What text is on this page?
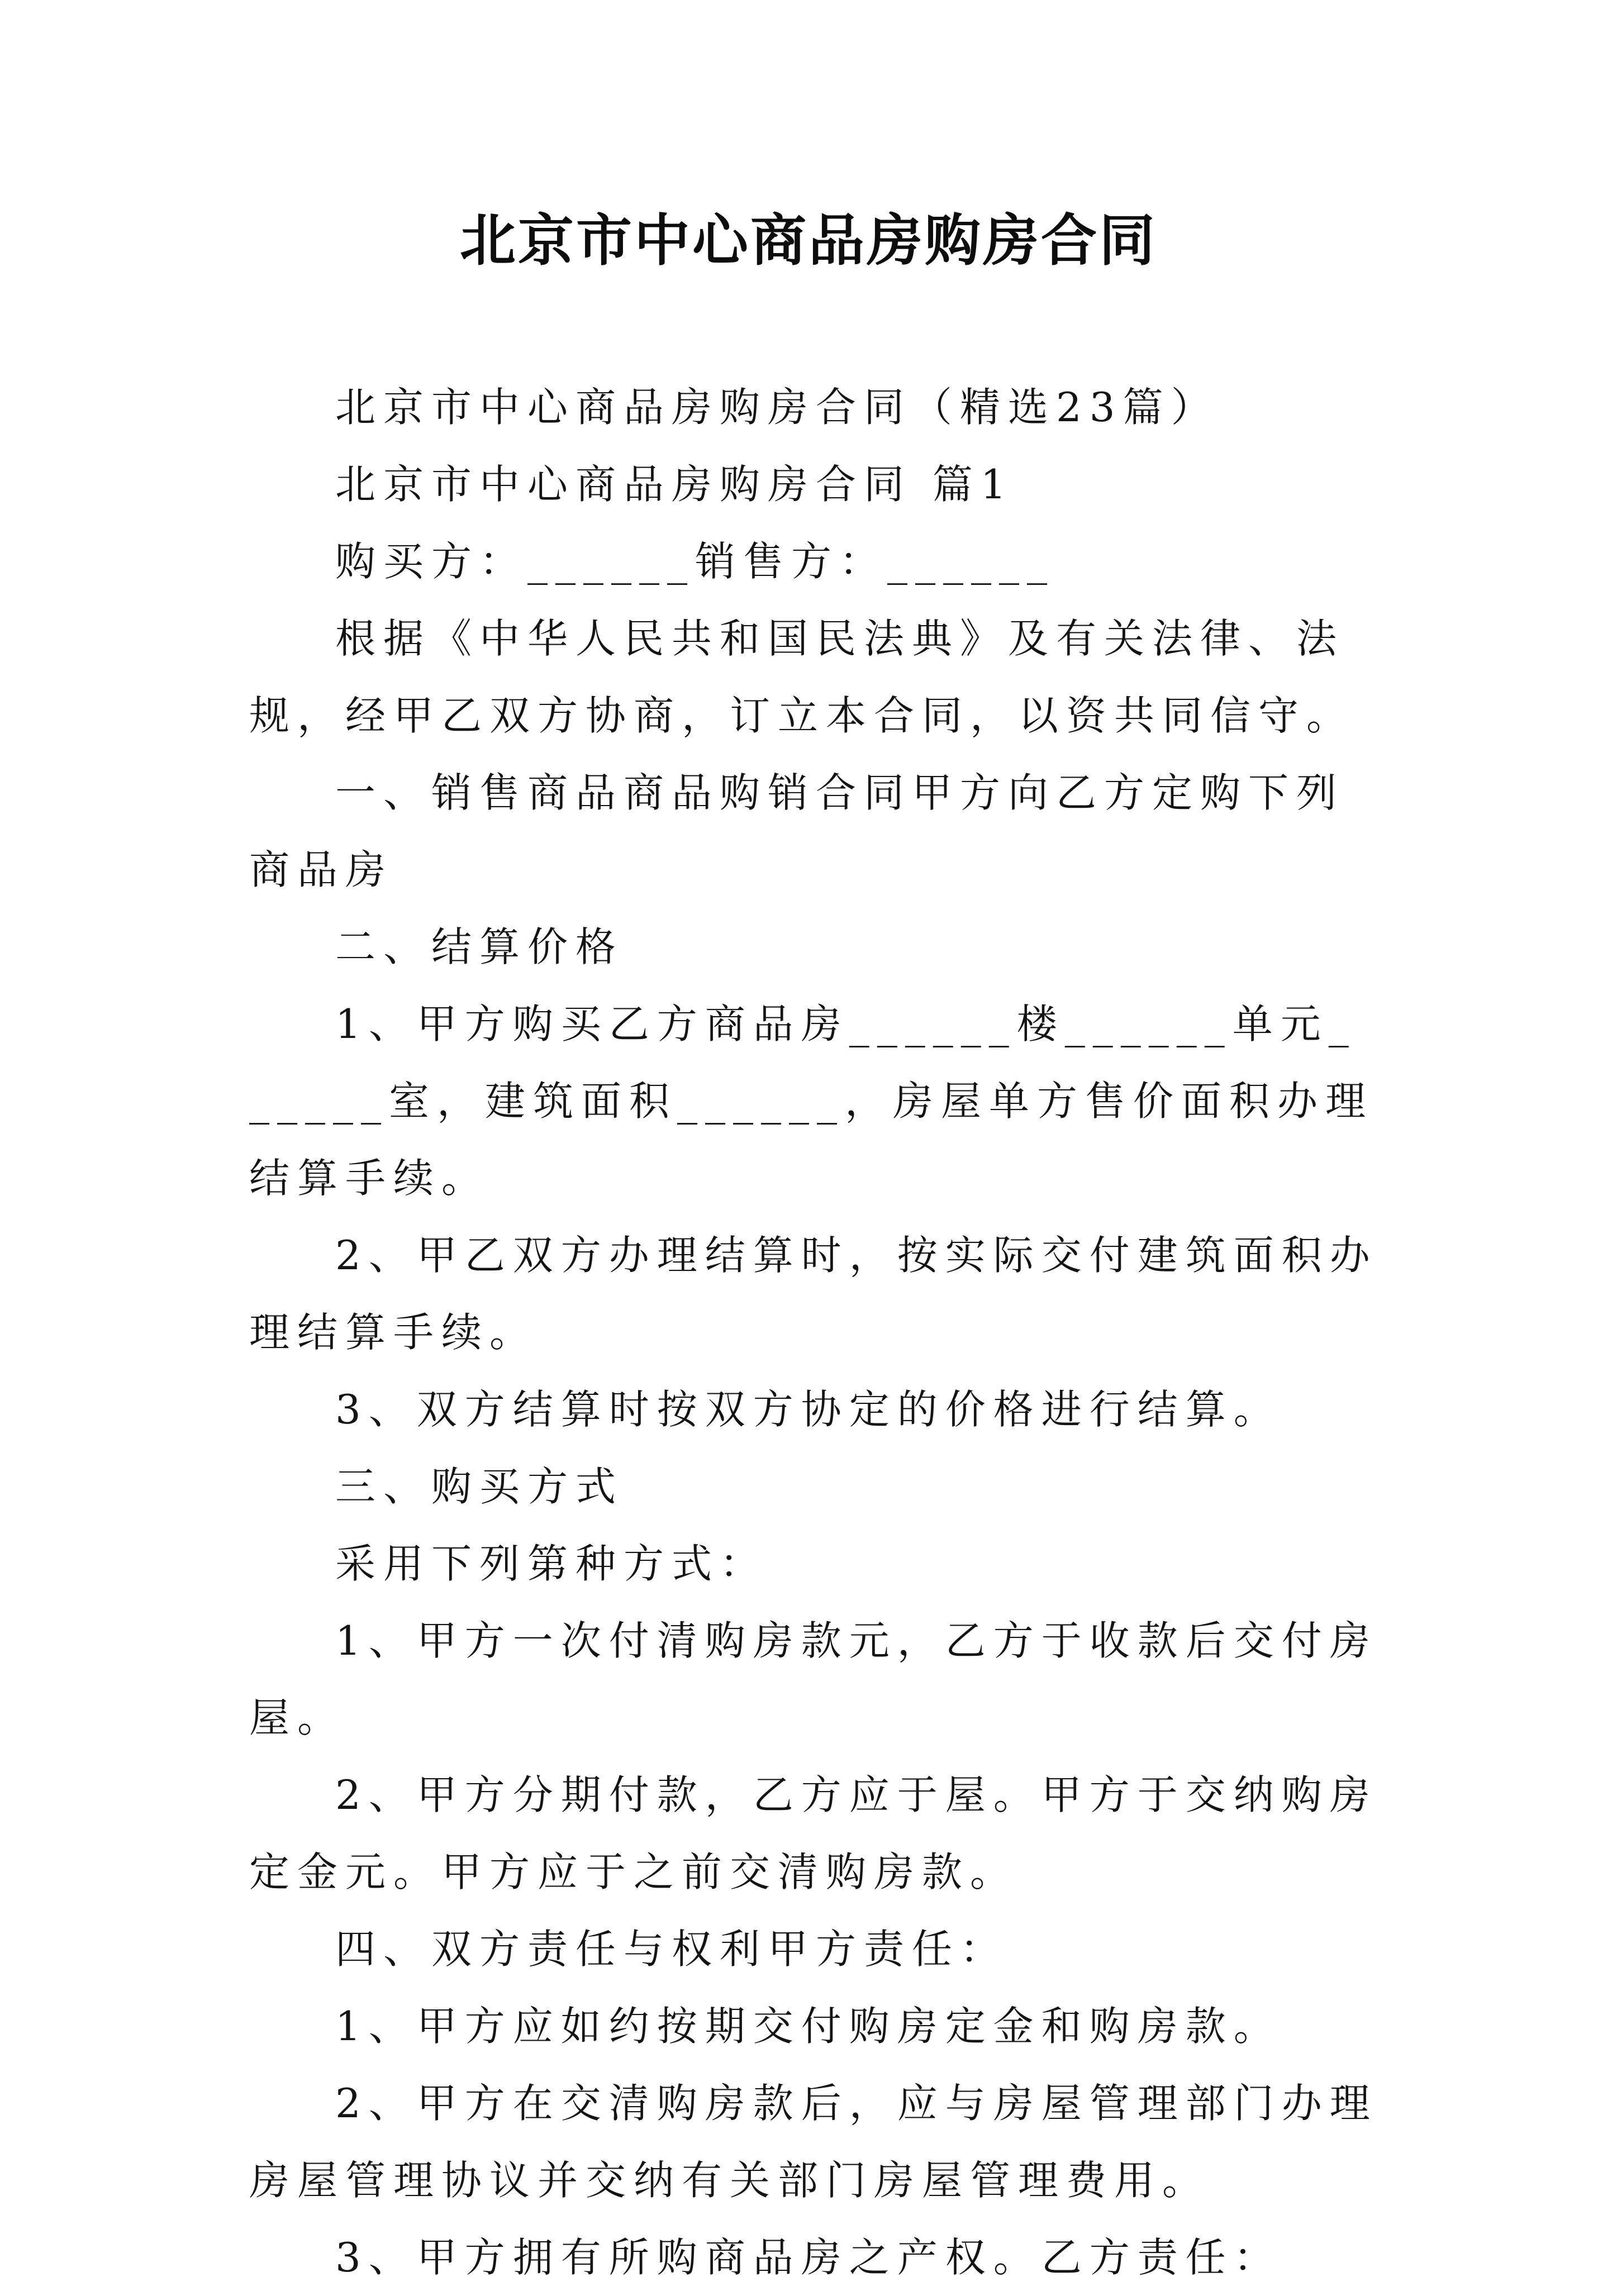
北京市中心商品房购房合同

北京市中心商品房购房合同（精选23篇）

北京市中心商品房购房合同 篇1

购买方：______销售方：______

根据《中华人民共和国民法典》及有关法律、法规，经甲乙双方协商，订立本合同，以资共同信守。

一、销售商品商品购销合同甲方向乙方定购下列商品房

二、结算价格

1、甲方购买乙方商品房______楼______单元______室，建筑面积______，房屋单方售价面积办理结算手续。

2、甲乙双方办理结算时，按实际交付建筑面积办理结算手续。

3、双方结算时按双方协定的价格进行结算。

三、购买方式

采用下列第种方式：

1、甲方一次付清购房款元，乙方于收款后交付房屋。

2、甲方分期付款，乙方应于屋。甲方于交纳购房定金元。甲方应于之前交清购房款。

四、双方责任与权利甲方责任：

1、甲方应如约按期交付购房定金和购房款。

2、甲方在交清购房款后，应与房屋管理部门办理房屋管理协议并交纳有关部门房屋管理费用。

3、甲方拥有所购商品房之产权。乙方责任：
